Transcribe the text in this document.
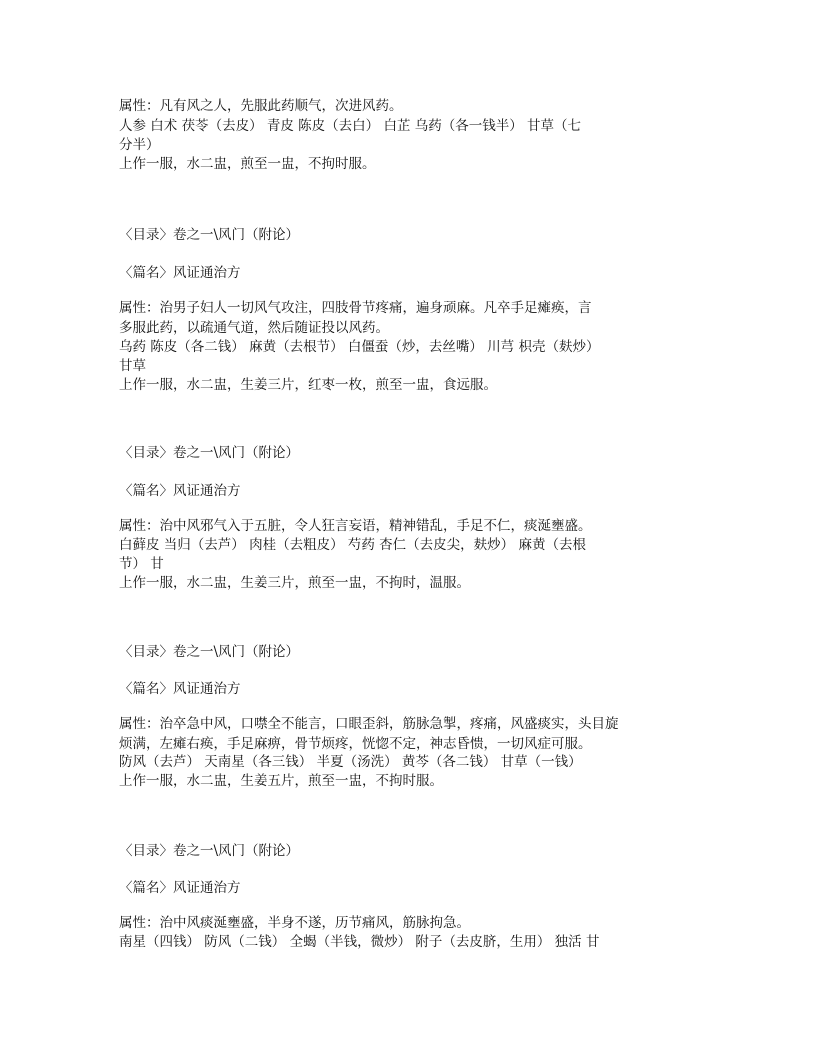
属性：凡有风之人，先服此药顺气，次进风药。
人参 白术 茯苓（去皮） 青皮 陈皮（去白） 白芷 乌药（各一钱半） 甘草（七
分半）
上作一服，水二盅，煎至一盅，不拘时服。
〈目录〉卷之一\风门（附论）
〈篇名〉风证通治方
属性：治男子妇人一切风气攻注，四肢骨节疼痛，遍身顽麻。凡卒手足瘫痪，言
多服此药，以疏通气道，然后随证投以风药。
乌药 陈皮（各二钱） 麻黄（去根节） 白僵蚕（炒，去丝嘴） 川芎 枳壳（麸炒）
甘草
上作一服，水二盅，生姜三片，红枣一枚，煎至一盅，食远服。
〈目录〉卷之一\风门（附论）
〈篇名〉风证通治方
属性：治中风邪气入于五脏，令人狂言妄语，精神错乱，手足不仁，痰涎壅盛。
白藓皮 当归（去芦） 肉桂（去粗皮） 芍药 杏仁（去皮尖，麸炒） 麻黄（去根
节） 甘
上作一服，水二盅，生姜三片，煎至一盅，不拘时，温服。
〈目录〉卷之一\风门（附论）
〈篇名〉风证通治方
属性：治卒急中风，口噤全不能言，口眼歪斜，筋脉急掣，疼痛，风盛痰实，头目旋
烦满，左瘫右痪，手足麻痹，骨节烦疼，恍惚不定，神志昏愦，一切风症可服。
防风（去芦） 天南星（各三钱） 半夏（汤洗） 黄芩（各二钱） 甘草（一钱）
上作一服，水二盅，生姜五片，煎至一盅，不拘时服。
〈目录〉卷之一\风门（附论）
〈篇名〉风证通治方
属性：治中风痰涎壅盛，半身不遂，历节痛风，筋脉拘急。
南星（四钱） 防风（二钱） 全蝎（半钱，微炒） 附子（去皮脐，生用） 独活 甘
